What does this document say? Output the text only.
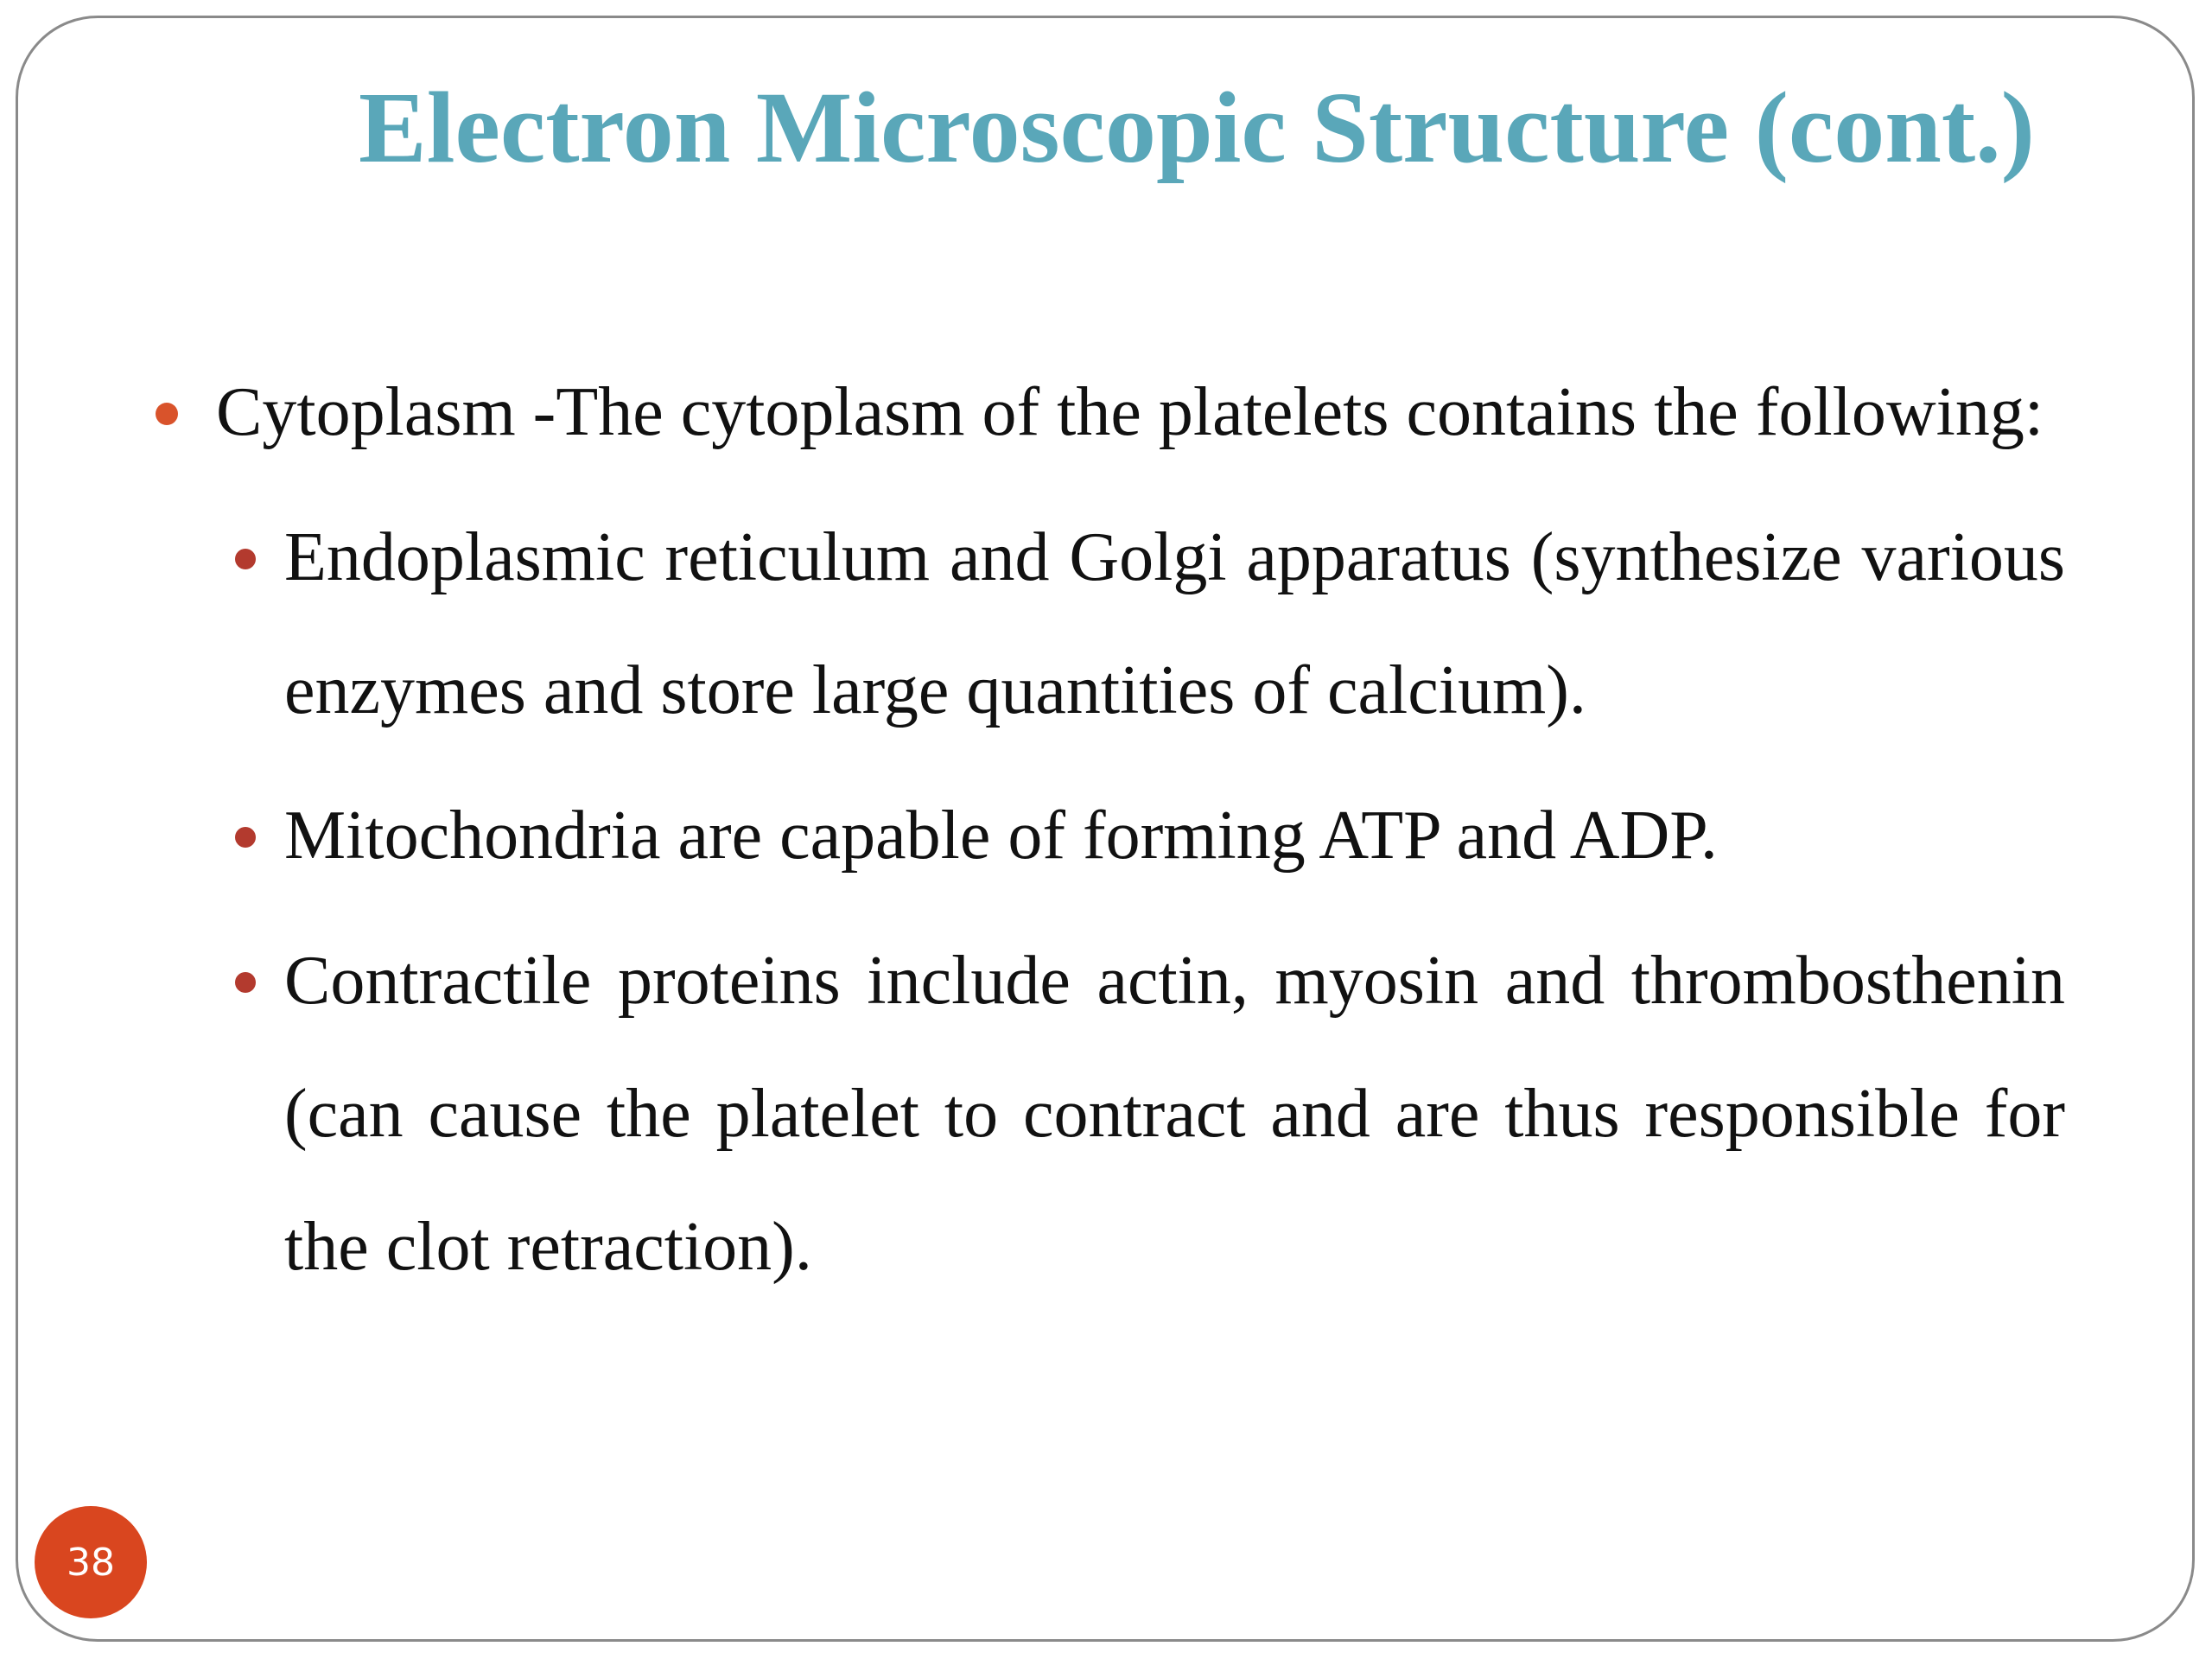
Electron Microscopic Structure (cont.)

Cytoplasm -The cytoplasm of the platelets contains the following:

Endoplasmic reticulum and Golgi apparatus (synthesize various enzymes and store large quantities of calcium).

Mitochondria are capable of forming ATP and ADP.

Contractile proteins include actin, myosin and thrombosthenin (can cause the platelet to contract and are thus responsible for the clot retraction).

38
